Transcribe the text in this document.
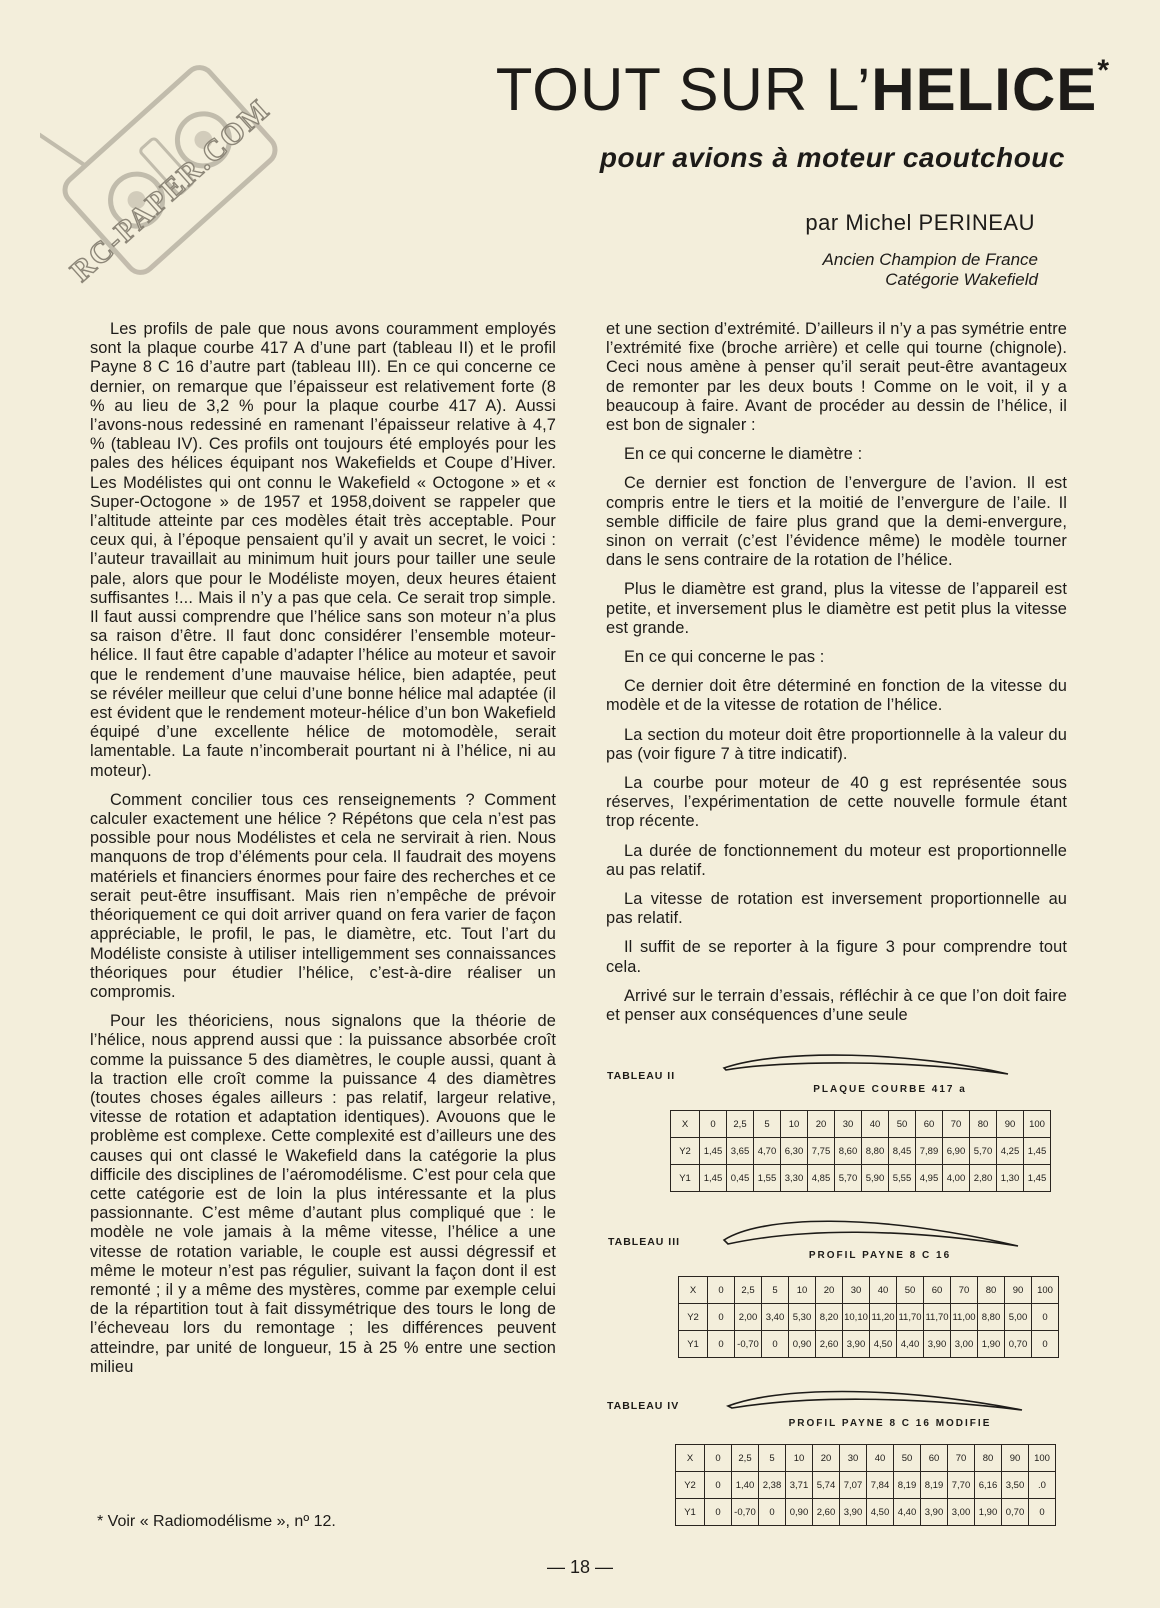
RC-PAPER.COM
TOUT SUR L’HELICE*
pour avions à moteur caoutchouc
par Michel PERINEAU
Ancien Champion de France
Catégorie Wakefield

Les profils de pale que nous avons couramment employés sont la plaque courbe 417 A d’une part (tableau II) et le profil Payne 8 C 16 d’autre part (tableau III). En ce qui concerne ce dernier, on remarque que l’épaisseur est relativement forte (8 % au lieu de 3,2 % pour la plaque courbe 417 A). Aussi l’avons-nous redessiné en ramenant l’épaisseur relative à 4,7 % (tableau IV). Ces profils ont toujours été employés pour les pales des hélices équipant nos Wakefields et Coupe d’Hiver. Les Modélistes qui ont connu le Wakefield « Octogone » et « Super-Octogone » de 1957 et 1958,doivent se rappeler que l’altitude atteinte par ces modèles était très acceptable. Pour ceux qui, à l’époque pensaient qu’il y avait un secret, le voici : l’auteur travaillait au minimum huit jours pour tailler une seule pale, alors que pour le Modéliste moyen, deux heures étaient suffisantes !... Mais il n’y a pas que cela. Ce serait trop simple. Il faut aussi comprendre que l’hélice sans son moteur n’a plus sa raison d’être. Il faut donc considérer l’ensemble moteur-hélice. Il faut être capable d’adapter l’hélice au moteur et savoir que le rendement d’une mauvaise hélice, bien adaptée, peut se révéler meilleur que celui d’une bonne hélice mal adaptée (il est évident que le rendement moteur-hélice d’un bon Wakefield équipé d’une excellente hélice de motomodèle, serait lamentable. La faute n’incomberait pourtant ni à l’hélice, ni au moteur).

Comment concilier tous ces renseignements ? Comment calculer exactement une hélice ? Répétons que cela n’est pas possible pour nous Modélistes et cela ne servirait à rien. Nous manquons de trop d’éléments pour cela. Il faudrait des moyens matériels et financiers énormes pour faire des recherches et ce serait peut-être insuffisant. Mais rien n’empêche de prévoir théoriquement ce qui doit arriver quand on fera varier de façon appréciable, le profil, le pas, le diamètre, etc. Tout l’art du Modéliste consiste à utiliser intelligemment ses connaissances théoriques pour étudier l’hélice, c’est-à-dire réaliser un compromis.

Pour les théoriciens, nous signalons que la théorie de l’hélice, nous apprend aussi que : la puissance absorbée croît comme la puissance 5 des diamètres, le couple aussi, quant à la traction elle croît comme la puissance 4 des diamètres (toutes choses égales ailleurs : pas relatif, largeur relative, vitesse de rotation et adaptation identiques). Avouons que le problème est complexe. Cette complexité est d’ailleurs une des causes qui ont classé le Wakefield dans la catégorie la plus difficile des disciplines de l’aéromodélisme. C’est pour cela que cette catégorie est de loin la plus intéressante et la plus passionnante. C’est même d’autant plus compliqué que : le modèle ne vole jamais à la même vitesse, l’hélice a une vitesse de rotation variable, le couple est aussi dégressif et même le moteur n’est pas régulier, suivant la façon dont il est remonté ; il y a même des mystères, comme par exemple celui de la répartition tout à fait dissymétrique des tours le long de l’écheveau lors du remontage ; les différences peuvent atteindre, par unité de longueur, 15 à 25 % entre une section milieu

et une section d’extrémité. D’ailleurs il n’y a pas symétrie entre l’extrémité fixe (broche arrière) et celle qui tourne (chignole). Ceci nous amène à penser qu’il serait peut-être avantageux de remonter par les deux bouts ! Comme on le voit, il y a beaucoup à faire. Avant de procéder au dessin de l’hélice, il est bon de signaler :

En ce qui concerne le diamètre :

Ce dernier est fonction de l’envergure de l’avion. Il est compris entre le tiers et la moitié de l’envergure de l’aile. Il semble difficile de faire plus grand que la demi-envergure, sinon on verrait (c’est l’évidence même) le modèle tourner dans le sens contraire de la rotation de l’hélice.

Plus le diamètre est grand, plus la vitesse de l’appareil est petite, et inversement plus le diamètre est petit plus la vitesse est grande.

En ce qui concerne le pas :

Ce dernier doit être déterminé en fonction de la vitesse du modèle et de la vitesse de rotation de l’hélice.

La section du moteur doit être proportionnelle à la valeur du pas (voir figure 7 à titre indicatif).

La courbe pour moteur de 40 g est représentée sous réserves, l’expérimentation de cette nouvelle formule étant trop récente.

La durée de fonctionnement du moteur est proportionnelle au pas relatif.

La vitesse de rotation est inversement proportionnelle au pas relatif.

Il suffit de se reporter à la figure 3 pour comprendre tout cela.

Arrivé sur le terrain d’essais, réfléchir à ce que l’on doit faire et penser aux conséquences d’une seule

TABLEAU II
PLAQUE COURBE 417 a
X	0	2,5	5	10	20	30	40	50	60	70	80	90	100
Y2	1,45	3,65	4,70	6,30	7,75	8,60	8,80	8,45	7,89	6,90	5,70	4,25	1,45
Y1	1,45	0,45	1,55	3,30	4,85	5,70	5,90	5,55	4,95	4,00	2,80	1,30	1,45
TABLEAU III
PROFIL PAYNE 8 C 16
X	0	2,5	5	10	20	30	40	50	60	70	80	90	100
Y2	0	2,00	3,40	5,30	8,20	10,10	11,20	11,70	11,70	11,00	8,80	5,00	0
Y1	0	-0,70	0	0,90	2,60	3,90	4,50	4,40	3,90	3,00	1,90	0,70	0
TABLEAU IV
PROFIL PAYNE 8 C 16 MODIFIE
X	0	2,5	5	10	20	30	40	50	60	70	80	90	100
Y2	0	1,40	2,38	3,71	5,74	7,07	7,84	8,19	8,19	7,70	6,16	3,50	.0
Y1	0	-0,70	0	0,90	2,60	3,90	4,50	4,40	3,90	3,00	1,90	0,70	0
* Voir « Radiomodélisme », nº 12.
— 18 —
